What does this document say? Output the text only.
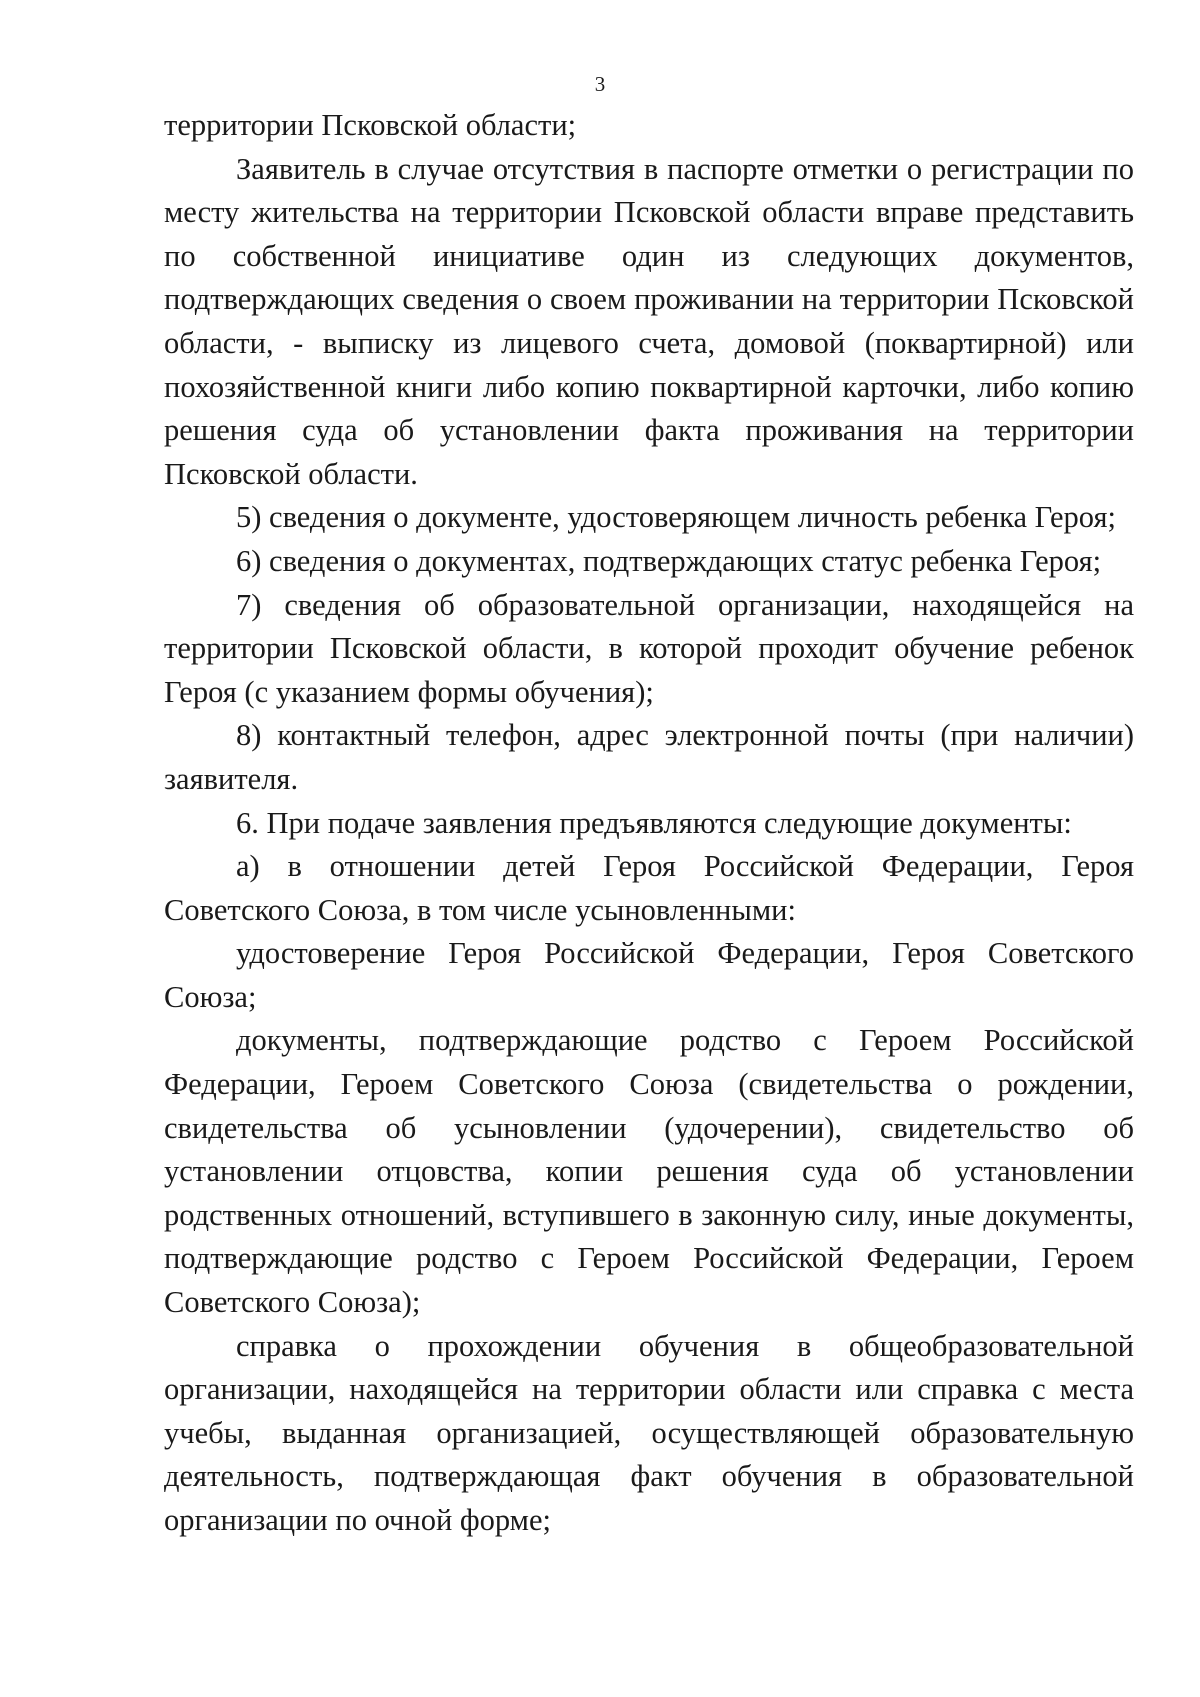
3

территории Псковской области;

Заявитель в случае отсутствия в паспорте отметки о регистрации по месту жительства на территории Псковской области вправе представить по собственной инициативе один из следующих документов, подтверждающих сведения о своем проживании на территории Псковской области, - выписку из лицевого счета, домовой (поквартирной) или похозяйственной книги либо копию поквартирной карточки, либо копию решения суда об установлении факта проживания на территории Псковской области.

5) сведения о документе, удостоверяющем личность ребенка Героя;

6) сведения о документах, подтверждающих статус ребенка Героя;

7) сведения об образовательной организации, находящейся на территории Псковской области, в которой проходит обучение ребенок Героя (с указанием формы обучения);

8) контактный телефон, адрес электронной почты (при наличии) заявителя.

6. При подаче заявления предъявляются следующие документы:

а) в отношении детей Героя Российской Федерации, Героя Советского Союза, в том числе усыновленными:

удостоверение Героя Российской Федерации, Героя Советского Союза;

документы, подтверждающие родство с Героем Российской Федерации, Героем Советского Союза (свидетельства о рождении, свидетельства об усыновлении (удочерении), свидетельство об установлении отцовства, копии решения суда об установлении родственных отношений, вступившего в законную силу, иные документы, подтверждающие родство с Героем Российской Федерации, Героем Советского Союза);

справка о прохождении обучения в общеобразовательной организации, находящейся на территории области или справка с места учебы, выданная организацией, осуществляющей образовательную деятельность, подтверждающая факт обучения в образовательной организации по очной форме;
